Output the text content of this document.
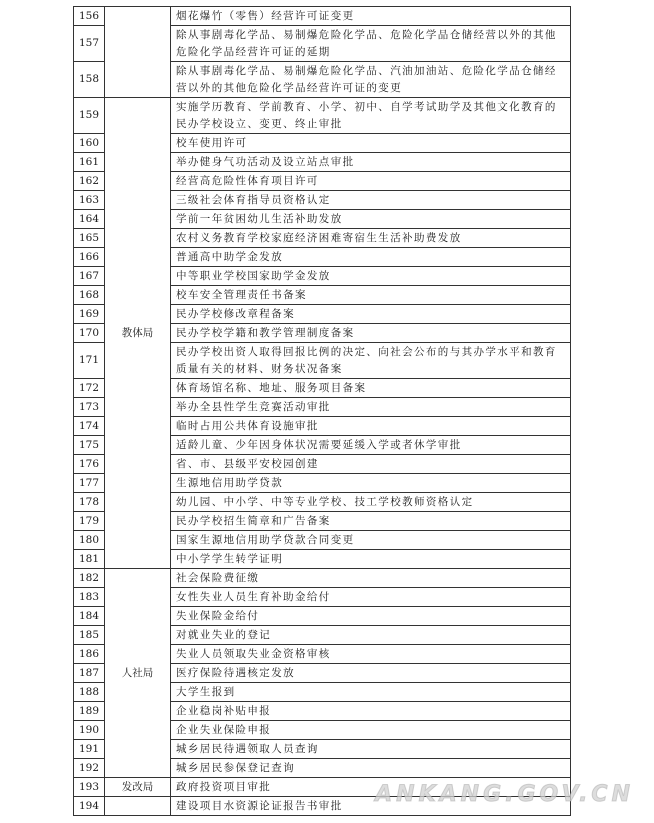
156		烟花爆竹（零售）经营许可证变更
157		除从事剧毒化学品、易制爆危险化学品、危险化学品仓储经营以外的其他危险化学品经营许可证的延期
158		除从事剧毒化学品、易制爆危险化学品、汽油加油站、危险化学品仓储经营以外的其他危险化学品经营许可证的变更
159	教体局	实施学历教育、学前教育、小学、初中、自学考试助学及其他文化教育的民办学校设立、变更、终止审批
160		校车使用许可
161		举办健身气功活动及设立站点审批
162		经营高危险性体育项目许可
163		三级社会体育指导员资格认定
164		学前一年贫困幼儿生活补助发放
165		农村义务教育学校家庭经济困难寄宿生生活补助费发放
166		普通高中助学金发放
167		中等职业学校国家助学金发放
168		校车安全管理责任书备案
169		民办学校修改章程备案
170		民办学校学籍和教学管理制度备案
171		民办学校出资人取得回报比例的决定、向社会公布的与其办学水平和教育质量有关的材料、财务状况备案
172		体育场馆名称、地址、服务项目备案
173		举办全县性学生竞赛活动审批
174		临时占用公共体育设施审批
175		适龄儿童、少年因身体状况需要延缓入学或者休学审批
176		省、市、县级平安校园创建
177		生源地信用助学贷款
178		幼儿园、中小学、中等专业学校、技工学校教师资格认定
179		民办学校招生简章和广告备案
180		国家生源地信用助学贷款合同变更
181		中小学学生转学证明
182	人社局	社会保险费征缴
183		女性失业人员生育补助金给付
184		失业保险金给付
185		对就业失业的登记
186		失业人员领取失业金资格审核
187		医疗保险待遇核定发放
188		大学生报到
189		企业稳岗补贴申报
190		企业失业保险申报
191		城乡居民待遇领取人员查询
192		城乡居民参保登记查询
193	发改局	政府投资项目审批
194		建设项目水资源论证报告书审批 ANKANG.GOV.CN
